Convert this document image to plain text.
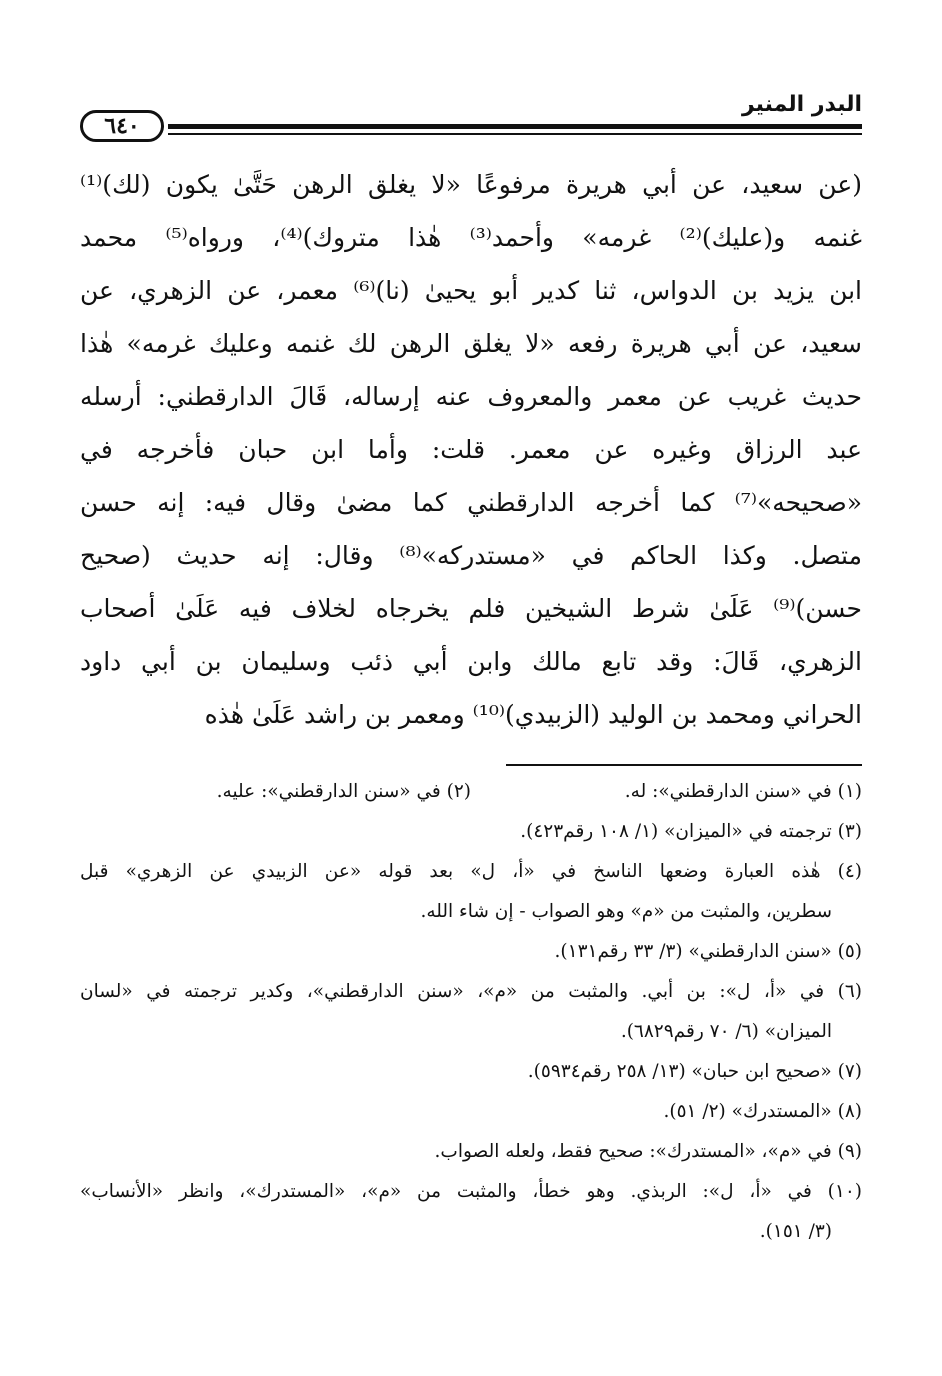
البدر المنير
٦٤٠
(عن سعيد، عن أبي هريرة مرفوعًا «لا يغلق الرهن حَتَّىٰ يكون (لك)⁽¹⁾
غنمه و(عليك)⁽²⁾ غرمه» وأحمد⁽³⁾ هٰذا متروك)⁽⁴⁾، ورواه⁽⁵⁾ محمد
ابن يزيد بن الدواس، ثنا كدير أبو يحيىٰ (نا)⁽⁶⁾ معمر، عن الزهري، عن
سعيد، عن أبي هريرة رفعه «لا يغلق الرهن لك غنمه وعليك غرمه» هٰذا
حديث غريب عن معمر والمعروف عنه إرساله، قَالَ الدارقطني: أرسله
عبد الرزاق وغيره عن معمر. قلت: وأما ابن حبان فأخرجه في
«صحيحه»⁽⁷⁾ كما أخرجه الدارقطني كما مضىٰ وقال فيه: إنه حسن
متصل. وكذا الحاكم في «مستدركه»⁽⁸⁾ وقال: إنه حديث (صحيح
حسن)⁽⁹⁾ عَلَىٰ شرط الشيخين فلم يخرجاه لخلاف فيه عَلَىٰ أصحاب
الزهري، قَالَ: وقد تابع مالك وابن أبي ذئب وسليمان بن أبي داود
الحراني ومحمد بن الوليد (الزبيدي)⁽¹⁰⁾ ومعمر بن راشد عَلَىٰ هٰذه
(١) في «سنن الدارقطني»: له.
(٢) في «سنن الدارقطني»: عليه.
(٣) ترجمته في «الميزان» (١/ ١٠٨ رقم٤٢٣).
(٤) هٰذه العبارة وضعها الناسخ في «أ، ل» بعد قوله «عن الزبيدي عن الزهري» قبل
سطرين، والمثبت من «م» وهو الصواب - إن شاء الله.
(٥) «سنن الدارقطني» (٣/ ٣٣ رقم١٣١).
(٦) في «أ، ل»: بن أبي. والمثبت من «م»، «سنن الدارقطني»، وكدير ترجمته في «لسان
الميزان» (٦/ ٧٠ رقم٦٨٢٩).
(٧) «صحيح ابن حبان» (١٣/ ٢٥٨ رقم٥٩٣٤).
(٨) «المستدرك» (٢/ ٥١).
(٩) في «م»، «المستدرك»: صحيح فقط، ولعله الصواب.
(١٠) في «أ، ل»: الربذي. وهو خطأ، والمثبت من «م»، «المستدرك»، وانظر «الأنساب»
(٣/ ١٥١).
